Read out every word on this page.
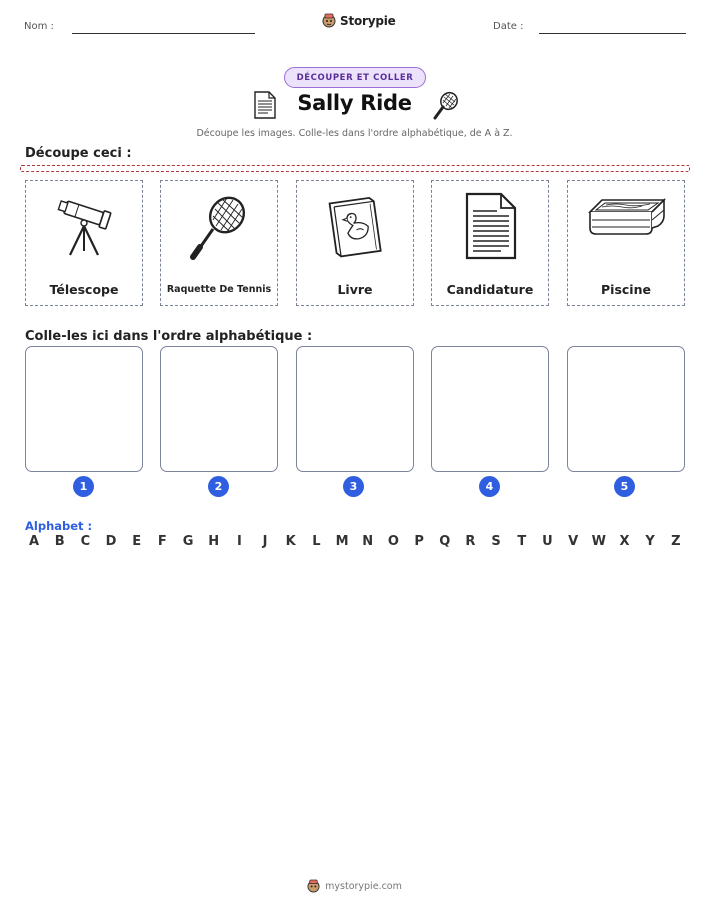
Nom :	Storypie	Date :
DÉCOUPER ET COLLER
Sally Ride
Découpe les images. Colle-les dans l'ordre alphabétique, de A à Z.
Découpe ceci :
Télescope	Raquette De Tennis	Livre	Candidature	Piscine
Colle-les ici dans l'ordre alphabétique :
1	2	3	4	5
Alphabet :
A	B	C	D	E	F	G H	I	J	K	L	M N O	P	Q	R	S	T	U	V	W	X	Y	Z
mystorypie.com
